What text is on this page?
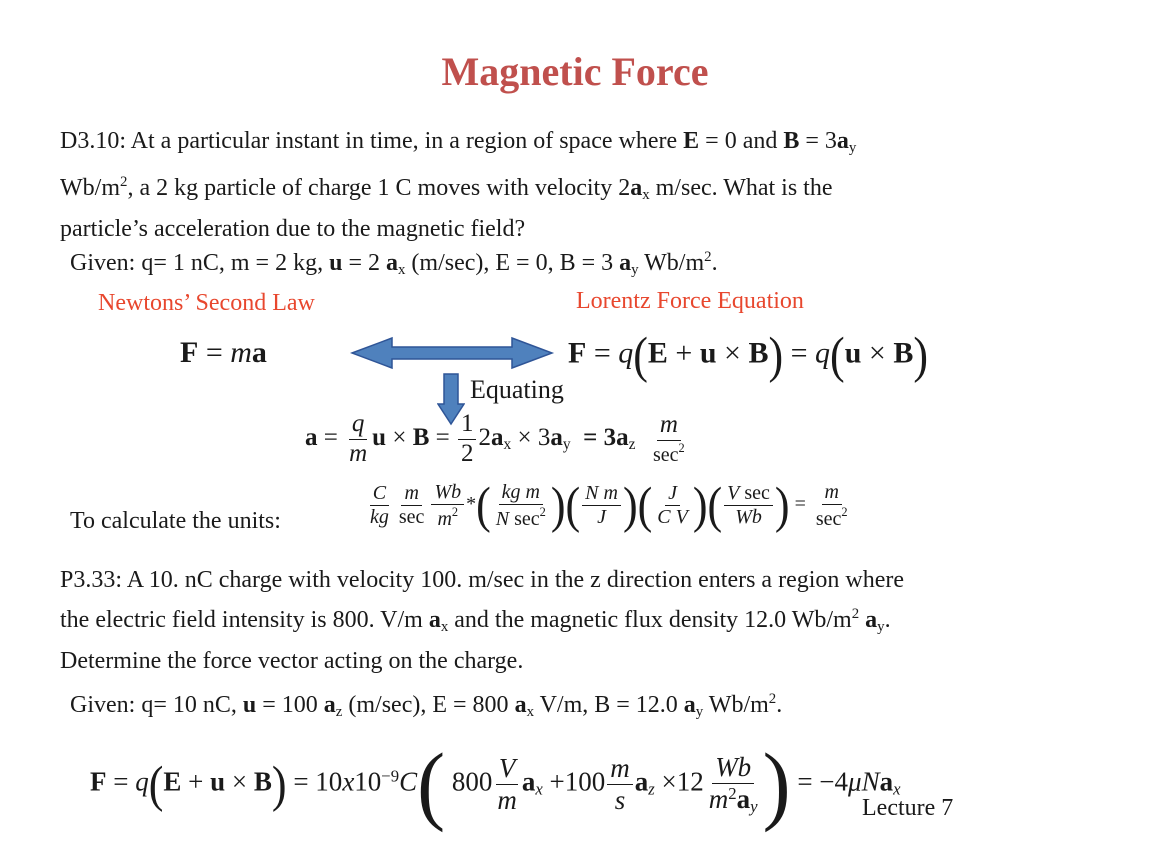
Magnetic Force
D3.10: At a particular instant in time, in a region of space where E = 0 and $B = 3a_y$
$Wb/m^2$, a 2 kg particle of charge 1 C moves with velocity $2a_x$ m/sec. What is the
particle’s acceleration due to the magnetic field?
Given: q= 1 nC, m = 2 kg, u = 2 $a_x$ (m/sec), E = 0, B = 3 $a_y$ $Wb/m^2$.
Newtons’ Second Law	Lorentz Force Equation
F = ma	F = q(E + u × B) = q(u × B)
Equating
$a = \frac{q}{m}$ $u \times B = \frac{1}{2} 2a_x \times 3a_y = 3a_z \frac{m}{\sec^2}$
To calculate the units:	$\frac{C}{kg} \frac{m}{\sec} \frac{Wb}{m^2}$ *( $\frac{\text{kg m}}{N \sec^2}$ )( $\frac{\text{N m}}{J}$ )( $\frac{J}{\text{C V}}$ )( $\frac{\text{V sec}}{Wb}$ ) = $\frac{m}{\sec^2}$
P3.33: A 10. nC charge with velocity 100. m/sec in the z direction enters a region where
the electric field intensity is 800. V/m $a_x$ and the magnetic flux density 12.0 $Wb/m^2$ $a_y$.
Determine the force vector acting on the charge.
Given: q= 10 nC, u = 100 $a_z$ (m/sec), E = 800 $a_x$ V/m, B = 12.0 $a_y$ $Wb/m^2$.
$F = q(E + u \times B) = 10x10^{-9}C$( $800 \frac{V}{m} a_x +100 \frac{m}{s} a_z \times 12 \frac{Wb}{m^2a_y}$ ) = −4μNa$_x$
Lecture 7
